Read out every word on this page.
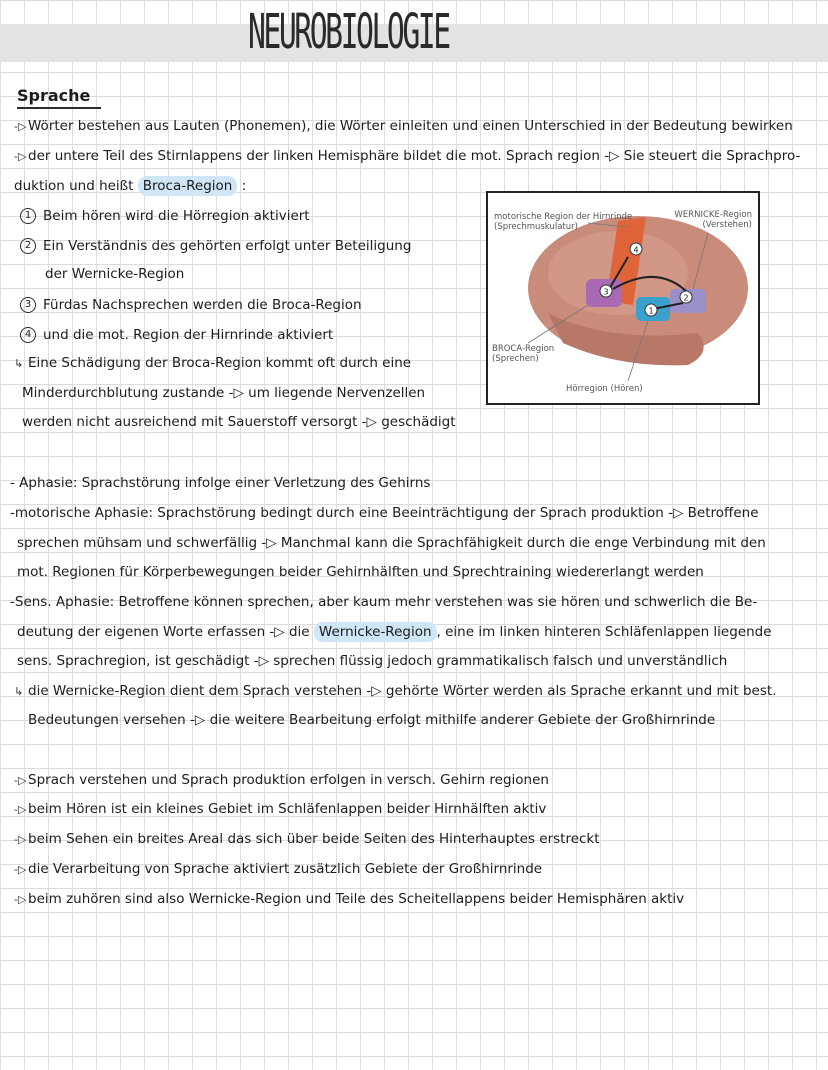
NEUROBIOLOGIE
Sprache
-▷ Wörter bestehen aus Lauten (Phonemen), die Wörter einleiten und einen Unterschied in der Bedeutung bewirken
-▷ der untere Teil des Stirnlappens der linken Hemisphäre bildet die mot. Sprach region -▷ Sie steuert die Sprachpro-
duktion und heißt Broca-Region :
1 Beim hören wird die Hörregion aktiviert
2 Ein Verständnis des gehörten erfolgt unter Beteiligung
der Wernicke-Region
3 Fürdas Nachsprechen werden die Broca-Region
4 und die mot. Region der Hirnrinde aktiviert
↳ Eine Schädigung der Broca-Region kommt oft durch eine
Minderdurchblutung zustande -▷ um liegende Nervenzellen
werden nicht ausreichend mit Sauerstoff versorgt -▷ geschädigt
1
2
3
4
motorische Region der Hirnrinde
(Sprechmuskulatur)
WERNICKE-Region
(Verstehen)
BROCA-Region
(Sprechen)
Hörregion (Hören)
- Aphasie: Sprachstörung infolge einer Verletzung des Gehirns
-motorische Aphasie: Sprachstörung bedingt durch eine Beeinträchtigung der Sprach produktion -▷ Betroffene
sprechen mühsam und schwerfällig -▷ Manchmal kann die Sprachfähigkeit durch die enge Verbindung mit den
mot. Regionen für Körperbewegungen beider Gehirnhälften und Sprechtraining wiedererlangt werden
-Sens. Aphasie: Betroffene können sprechen, aber kaum mehr verstehen was sie hören und schwerlich die Be-
deutung der eigenen Worte erfassen -▷ die Wernicke-Region , eine im linken hinteren Schläfenlappen liegende
sens. Sprachregion, ist geschädigt -▷ sprechen flüssig jedoch grammatikalisch falsch und unverständlich
↳ die Wernicke-Region dient dem Sprach verstehen -▷ gehörte Wörter werden als Sprache erkannt und mit best.
Bedeutungen versehen -▷ die weitere Bearbeitung erfolgt mithilfe anderer Gebiete der Großhirnrinde
-▷ Sprach verstehen und Sprach produktion erfolgen in versch. Gehirn regionen
-▷ beim Hören ist ein kleines Gebiet im Schläfenlappen beider Hirnhälften aktiv
-▷ beim Sehen ein breites Areal das sich über beide Seiten des Hinterhauptes erstreckt
-▷ die Verarbeitung von Sprache aktiviert zusätzlich Gebiete der Großhirnrinde
-▷ beim zuhören sind also Wernicke-Region und Teile des Scheitellappens beider Hemisphären aktiv
